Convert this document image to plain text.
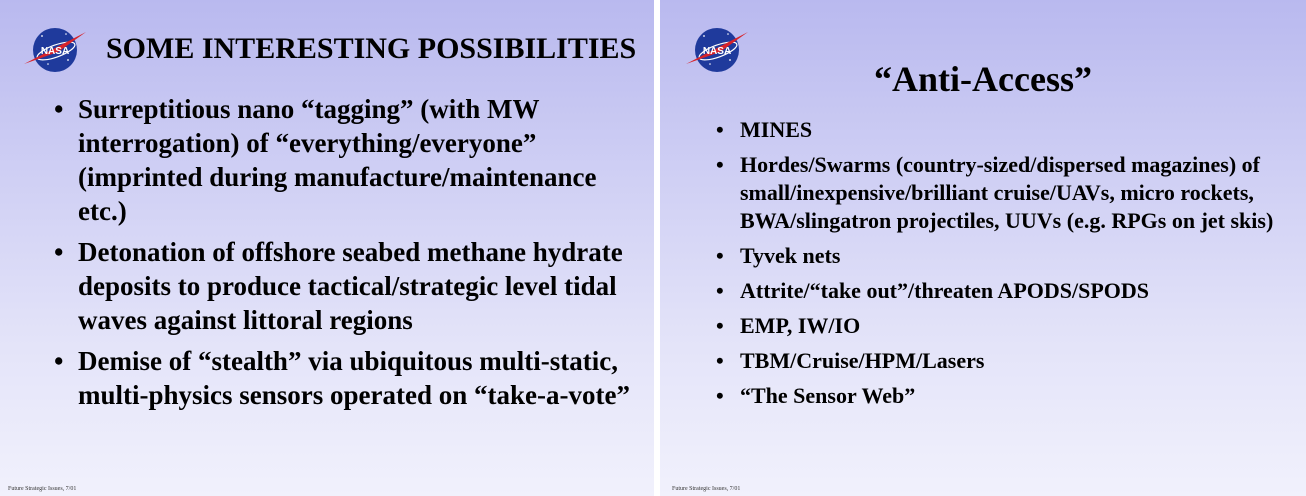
NASA SOME INTERESTING POSSIBILITIES
• Surreptitious nano “tagging” (with MW interrogation) of “everything/everyone” (imprinted during manufacture/maintenance etc.)
• Detonation of offshore seabed methane hydrate deposits to produce tactical/strategic level tidal waves against littoral regions
• Demise of “stealth” via ubiquitous multi-static, multi-physics sensors operated on “take-a-vote”
Future Strategic Issues, 7/01
NASA
“Anti-Access”
• MINES
• Hordes/Swarms (country-sized/dispersed magazines) of small/inexpensive/brilliant cruise/UAVs, micro rockets, BWA/slingatron projectiles, UUVs (e.g. RPGs on jet skis)
• Tyvek nets
• Attrite/“take out”/threaten APODS/SPODS
• EMP, IW/IO
• TBM/Cruise/HPM/Lasers
• “The Sensor Web”
Future Strategic Issues, 7/01
